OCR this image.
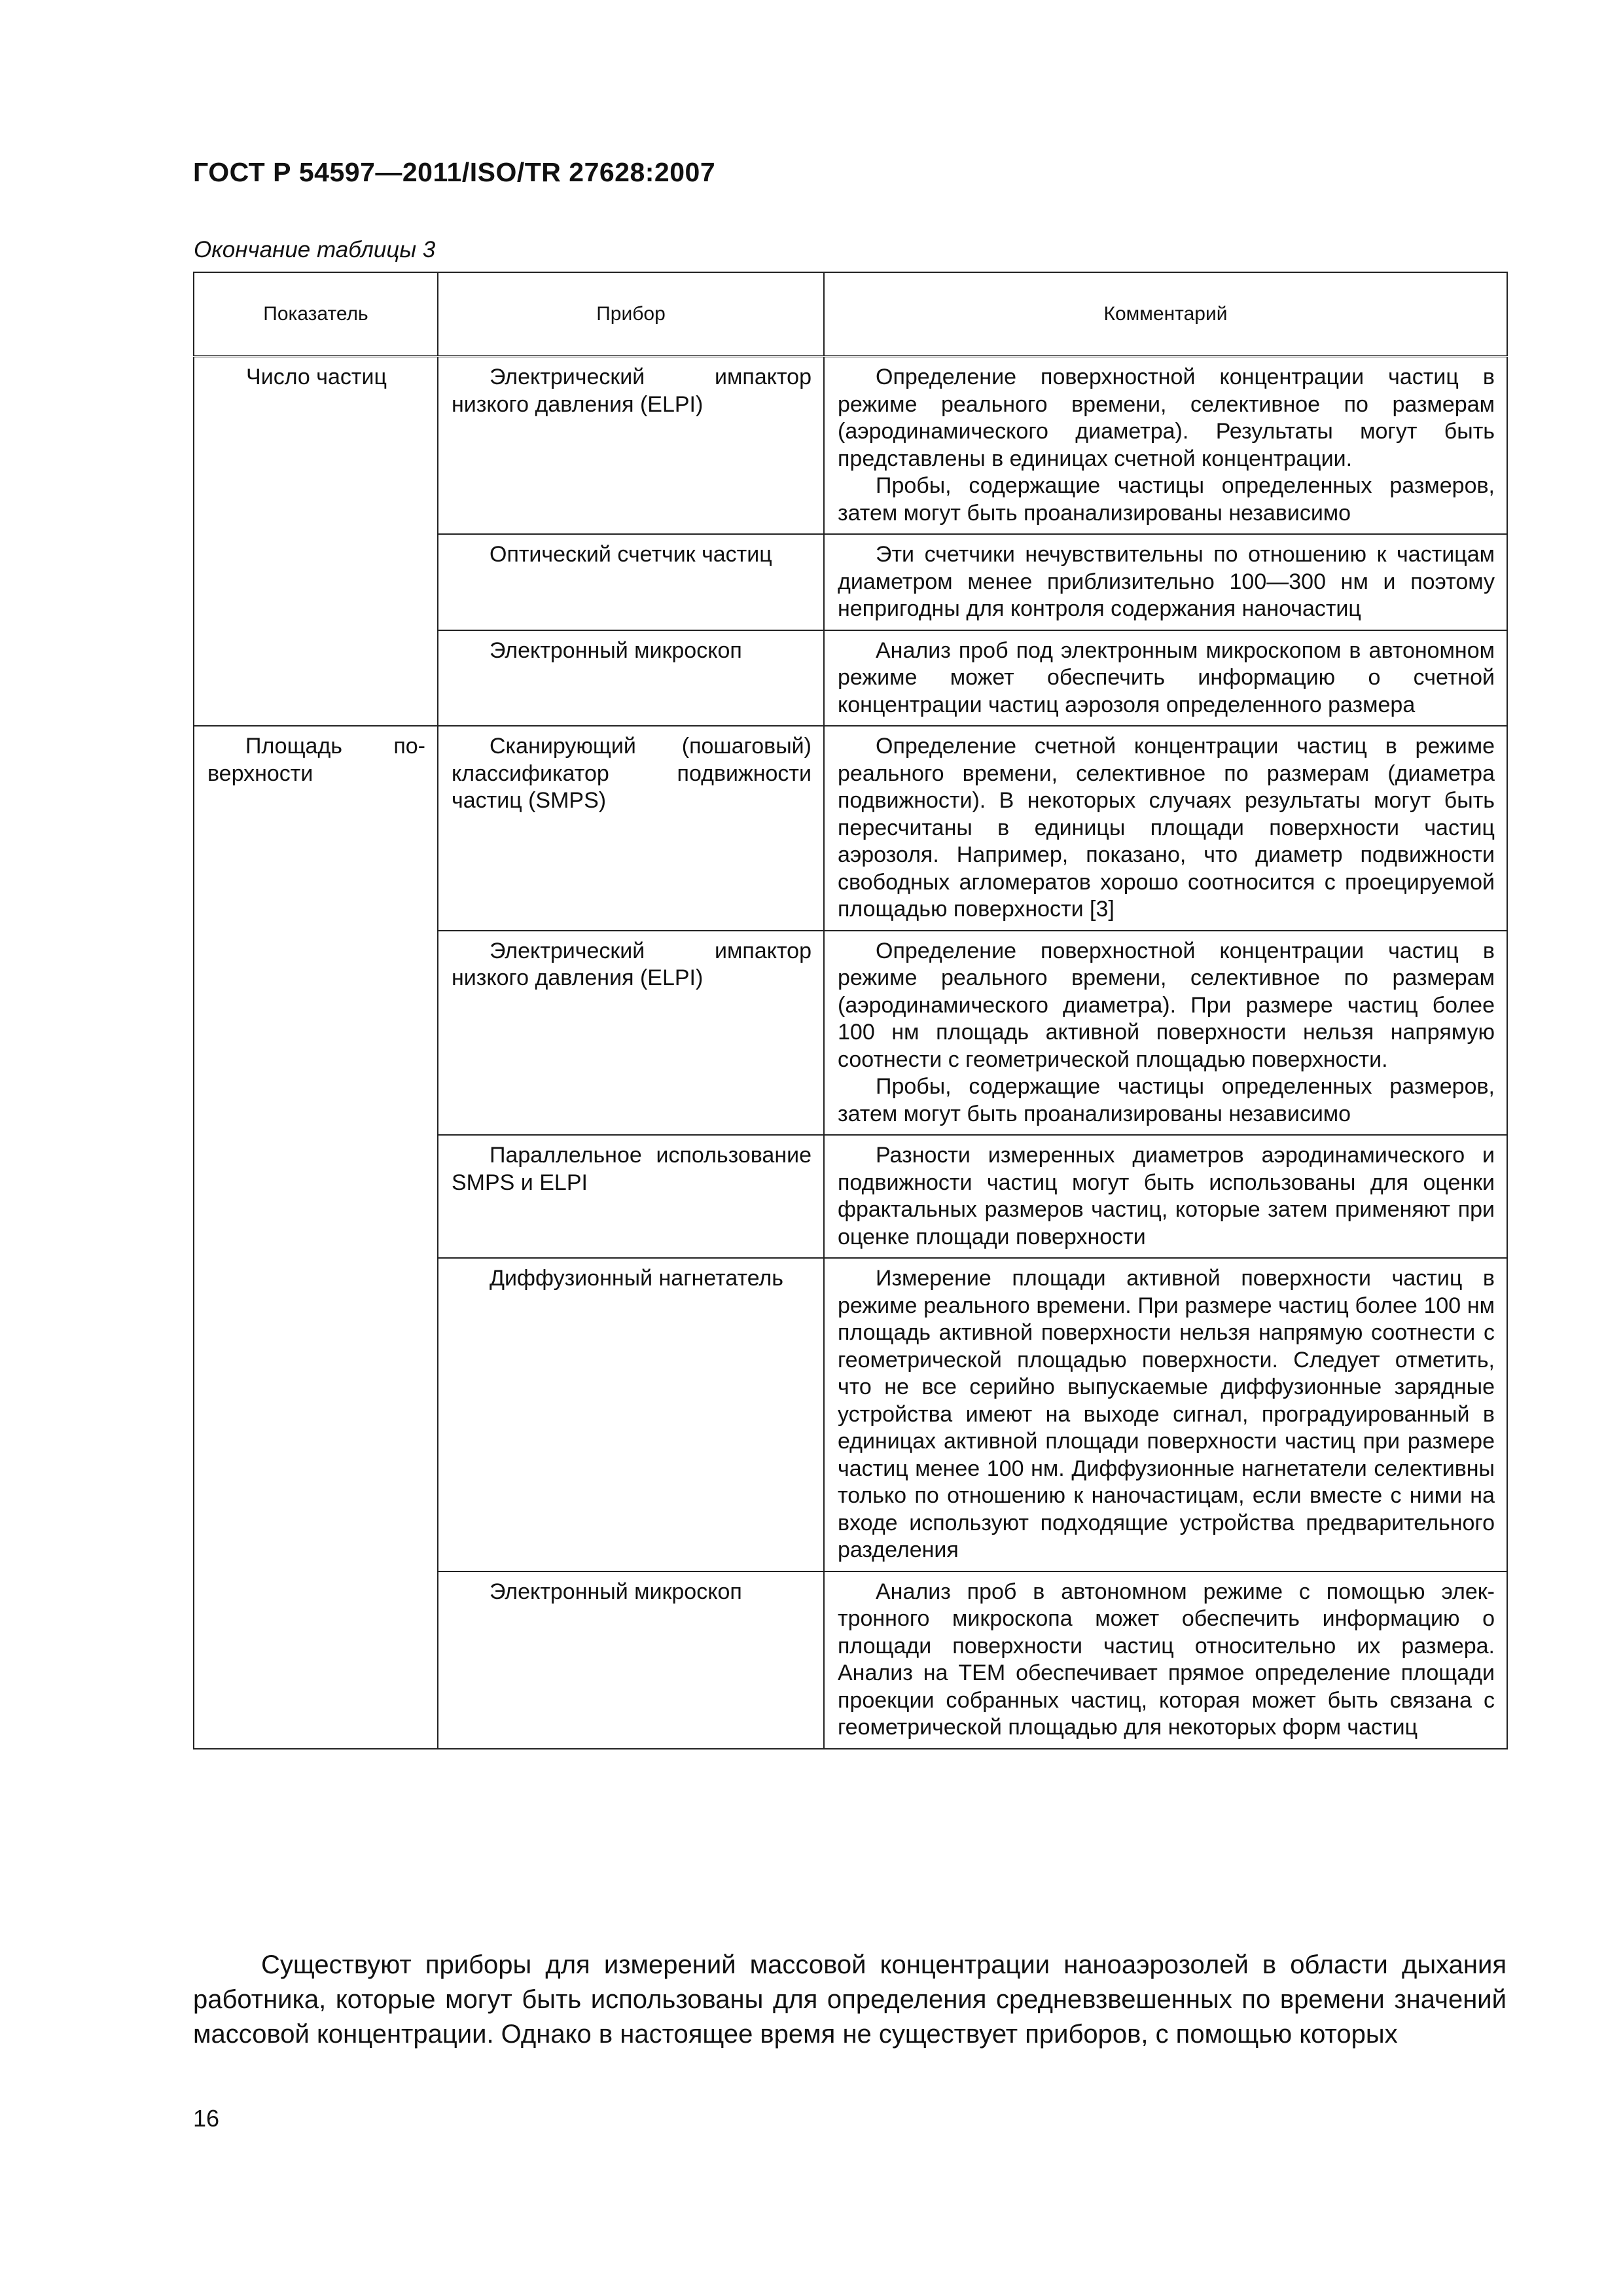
ГОСТ Р 54597—2011/ISO/TR 27628:2007
Окончание таблицы 3
Показатель	Прибор	Комментарий
Число частиц	Электрический импактор низкого давления (ELPI)	Определение поверхностной концентрации частиц в режиме реального времени, селективное по размерам (аэродинамического диаметра). Результаты могут быть представлены в единицах счетной концентрации.

Пробы, содержащие частицы определенных размеров, затем могут быть проанализированы независимо

	Оптический счетчик частиц	Эти счетчики нечувствительны по отношению к частицам диаметром менее приблизительно 100—300 нм и поэтому непригодны для контроля содержания наночастиц

	Электронный микроскоп	Анализ проб под электронным микроскопом в автономном режиме может обеспечить информацию о счетной концентрации частиц аэрозоля определенного размера

Площадь поверхности	Сканирующий (пошаговый) классификатор подвижности частиц (SMPS)	Определение счетной концентрации частиц в режиме реального времени, селективное по размерам (диаметра подвижности). В некоторых случаях результаты могут быть пересчитаны в единицы площади поверхности частиц аэрозоля. Например, показано, что диаметр подвижности свободных агломератов хорошо соотносится с проецируемой площадью поверхности [3]

	Электрический импактор низкого давления (ELPI)	Определение поверхностной концентрации частиц в режиме реального времени, селективное по размерам (аэродинамического диаметра). При размере частиц более 100 нм площадь активной поверхности нельзя напрямую соотнести с геометрической площадью поверхности.

Пробы, содержащие частицы определенных размеров, затем могут быть проанализированы независимо

	Параллельное использование SMPS и ELPI	Разности измеренных диаметров аэродинамического и подвижности частиц могут быть использованы для оценки фрактальных размеров частиц, которые затем применяют при оценке площади поверхности

	Диффузионный нагнетатель	Измерение площади активной поверхности частиц в режиме реального времени. При размере частиц более 100 нм площадь активной поверхности нельзя напрямую соотнести с геометрической площадью поверхности. Следует отметить, что не все серийно выпускаемые диффузионные зарядные устройства имеют на выходе сигнал, проградуированный в единицах активной площади поверхности частиц при размере частиц менее 100 нм. Диффузионные нагнетатели селективны только по отношению к наночастицам, если вместе с ними на входе используют подходящие устройства предварительного разделения

	Электронный микроскоп	Анализ проб в автономном режиме с помощью электронного микроскопа может обеспечить информацию о площади поверхности частиц относительно их размера. Анализ на ТЕМ обеспечивает прямое определение площади проекции собранных частиц, которая может быть связана с геометрической площадью для некоторых форм частиц

Существуют приборы для измерений массовой концентрации наноаэрозолей в области дыхания работника, которые могут быть использованы для определения средневзвешенных по времени значений массовой концентрации. Однако в настоящее время не существует приборов, с помощью которых

16
